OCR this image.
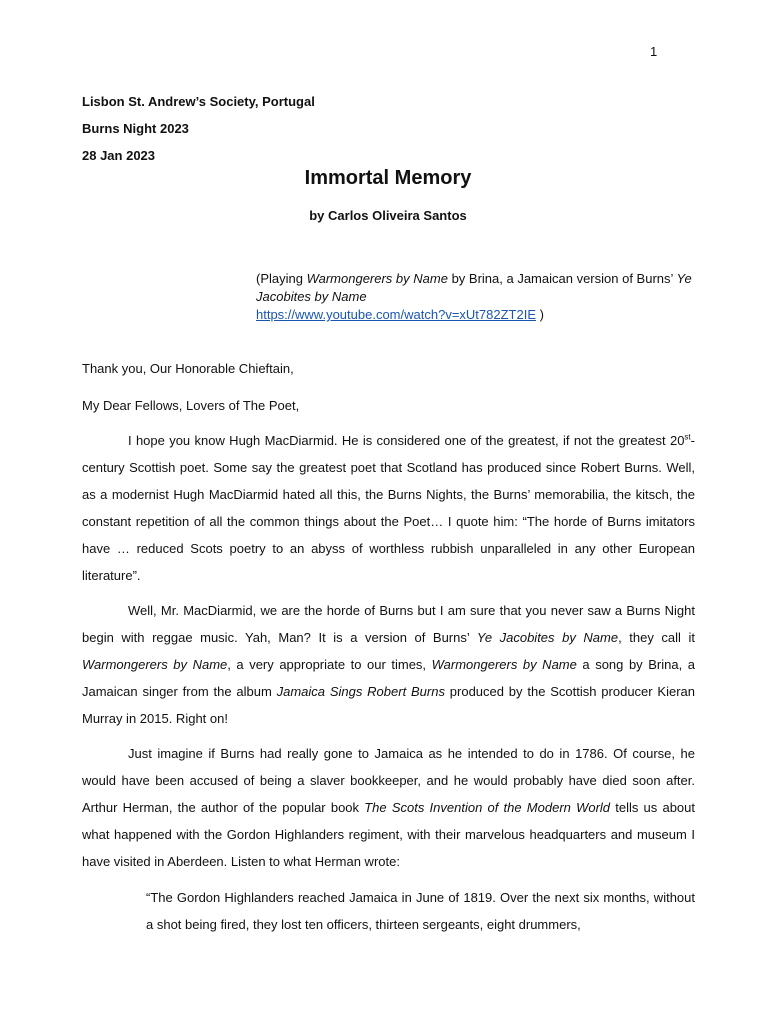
1
Lisbon St. Andrew’s Society, Portugal
Burns Night 2023
28 Jan 2023
Immortal Memory
by Carlos Oliveira Santos
(Playing Warmongerers by Name by Brina, a Jamaican version of Burns’ Ye Jacobites by Name
https://www.youtube.com/watch?v=xUt782ZT2IE )
Thank you, Our Honorable Chieftain,
My Dear Fellows, Lovers of The Poet,

I hope you know Hugh MacDiarmid. He is considered one of the greatest, if not the greatest 20st-century Scottish poet. Some say the greatest poet that Scotland has produced since Robert Burns. Well, as a modernist Hugh MacDiarmid hated all this, the Burns Nights, the Burns’ memorabilia, the kitsch, the constant repetition of all the common things about the Poet… I quote him: “The horde of Burns imitators have … reduced Scots poetry to an abyss of worthless rubbish unparalleled in any other European literature”.

Well, Mr. MacDiarmid, we are the horde of Burns but I am sure that you never saw a Burns Night begin with reggae music. Yah, Man? It is a version of Burns’ Ye Jacobites by Name, they call it Warmongerers by Name, a very appropriate to our times, Warmongerers by Name a song by Brina, a Jamaican singer from the album Jamaica Sings Robert Burns produced by the Scottish producer Kieran Murray in 2015. Right on!

Just imagine if Burns had really gone to Jamaica as he intended to do in 1786. Of course, he would have been accused of being a slaver bookkeeper, and he would probably have died soon after. Arthur Herman, the author of the popular book The Scots Invention of the Modern World tells us about what happened with the Gordon Highlanders regiment, with their marvelous headquarters and museum I have visited in Aberdeen. Listen to what Herman wrote:

“The Gordon Highlanders reached Jamaica in June of 1819. Over the next six months, without a shot being fired, they lost ten officers, thirteen sergeants, eight drummers,
